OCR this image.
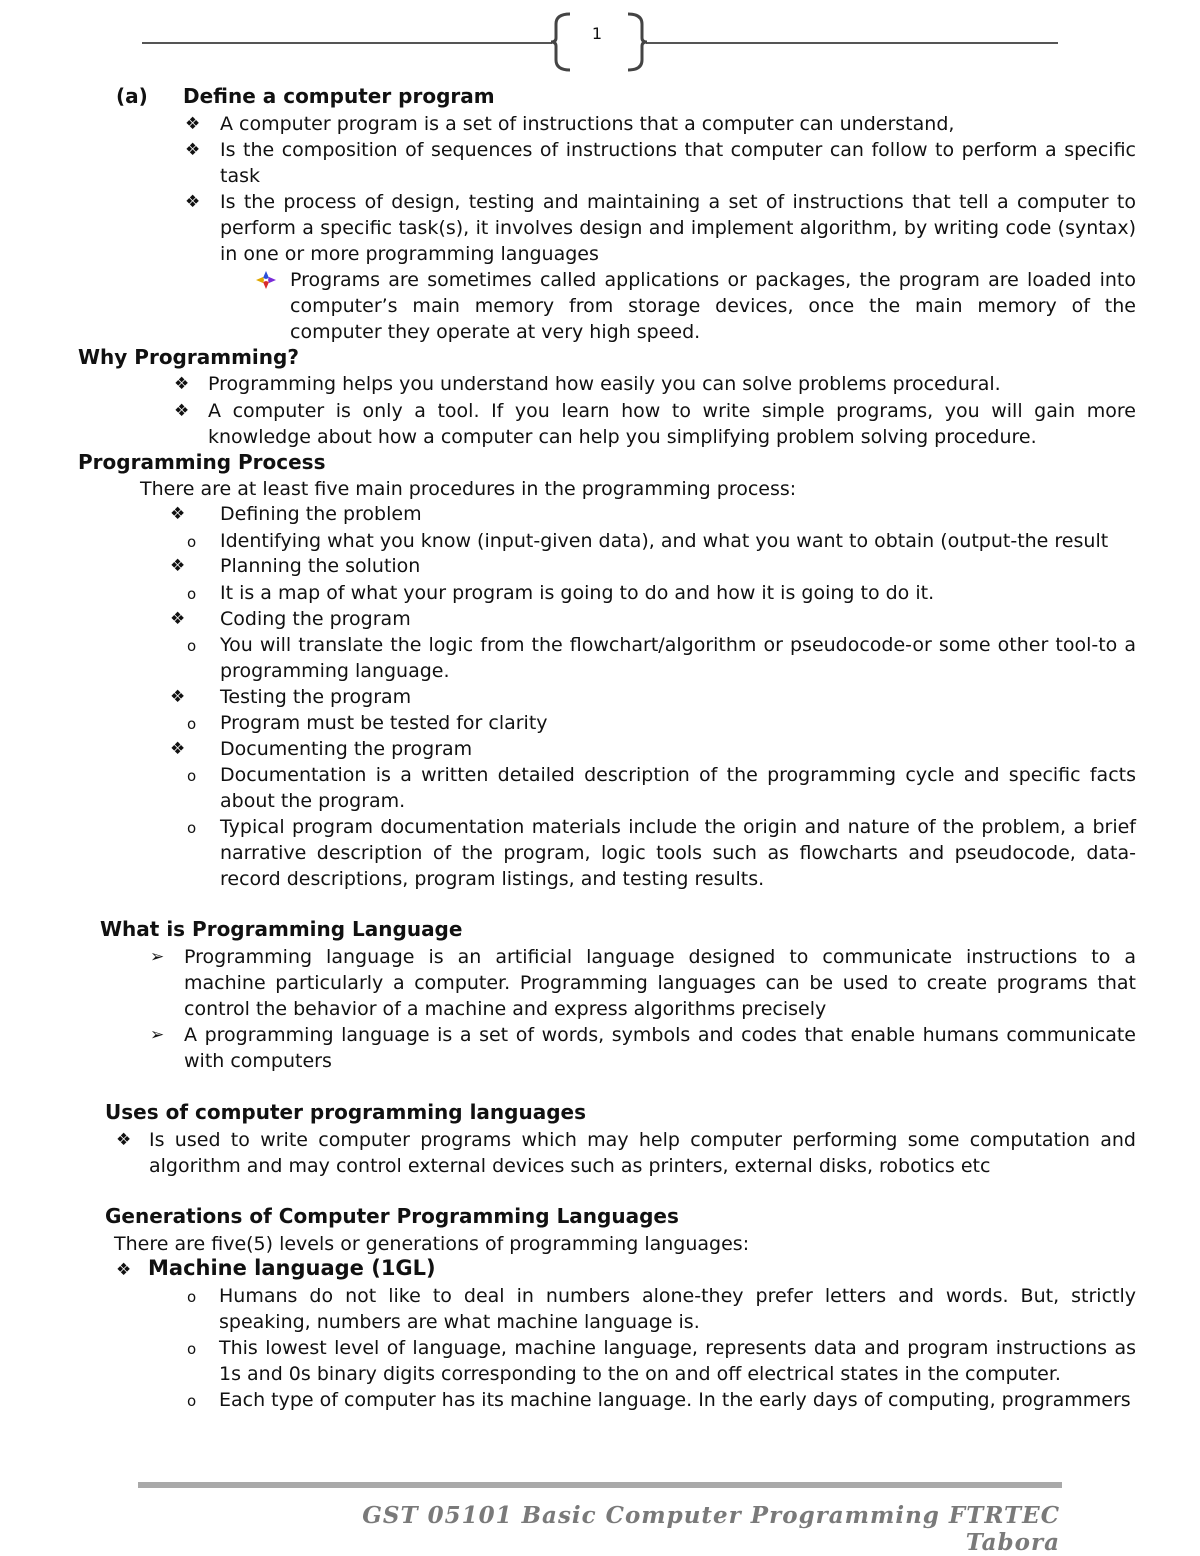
1
(a) Define a computer program
❖ A computer program is a set of instructions that a computer can understand,
❖ Is the composition of sequences of instructions that computer can follow to perform a specific task
❖ Is the process of design, testing and maintaining a set of instructions that tell a computer to perform a specific task(s), it involves design and implement algorithm, by writing code (syntax) in one or more programming languages
Programs are sometimes called applications or packages, the program are loaded into computer’s main memory from storage devices, once the main memory of the computer they operate at very high speed.
Why Programming?
❖ Programming helps you understand how easily you can solve problems procedural.
❖ A computer is only a tool. If you learn how to write simple programs, you will gain more knowledge about how a computer can help you simplifying problem solving procedure.
Programming Process
There are at least five main procedures in the programming process:
❖ Defining the problem
o Identifying what you know (input-given data), and what you want to obtain (output-the result
❖ Planning the solution
o It is a map of what your program is going to do and how it is going to do it.
❖ Coding the program
o You will translate the logic from the flowchart/algorithm or pseudocode-or some other tool-to a programming language.
❖ Testing the program
o Program must be tested for clarity
❖ Documenting the program
o Documentation is a written detailed description of the programming cycle and specific facts about the program.
o Typical program documentation materials include the origin and nature of the problem, a brief narrative description of the program, logic tools such as flowcharts and pseudocode, data-record descriptions, program listings, and testing results.
What is Programming Language
➢ Programming language is an artificial language designed to communicate instructions to a machine particularly a computer. Programming languages can be used to create programs that control the behavior of a machine and express algorithms precisely
➢ A programming language is a set of words, symbols and codes that enable humans communicate with computers
Uses of computer programming languages
❖ Is used to write computer programs which may help computer performing some computation and algorithm and may control external devices such as printers, external disks, robotics etc
Generations of Computer Programming Languages
There are five(5) levels or generations of programming languages:
❖ Machine language (1GL)
o Humans do not like to deal in numbers alone-they prefer letters and words. But, strictly speaking, numbers are what machine language is.
o This lowest level of language, machine language, represents data and program instructions as 1s and 0s binary digits corresponding to the on and off electrical states in the computer.
o Each type of computer has its machine language. In the early days of computing, programmers
GST 05101 Basic Computer Programming FTRTEC Tabora
